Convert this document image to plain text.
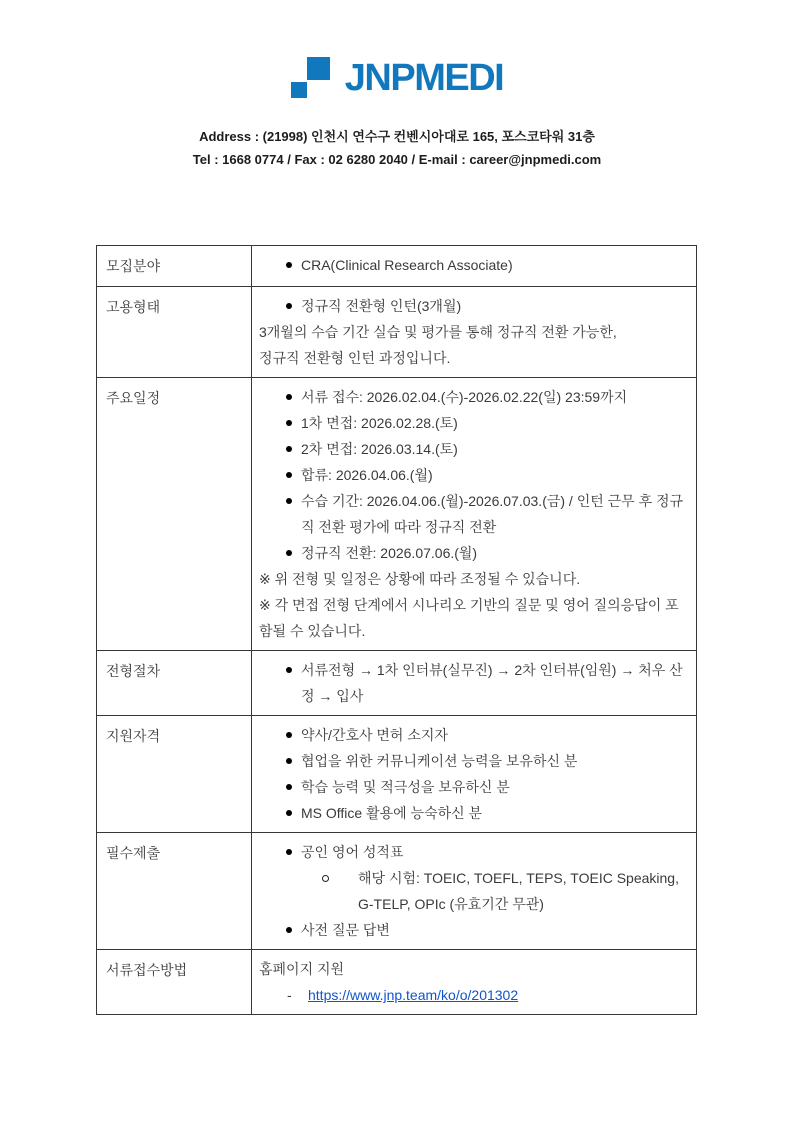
JNPMEDI
Address : (21998) 인천시 연수구 컨벤시아대로 165, 포스코타워 31층
Tel : 1668 0774 / Fax : 02 6280 2040 / E-mail : career@jnpmedi.com
모집분야	CRA(Clinical Research Associate)

고용형태	정규직 전환형 인턴(3개월)
3개월의 수습 기간 실습 및 평가를 통해 정규직 전환 가능한,
정규직 전환형 인턴 과정입니다.

주요일정	서류 접수: 2026.02.04.(수)-2026.02.22(일) 23:59까지
1차 면접: 2026.02.28.(토)
2차 면접: 2026.03.14.(토)
합류: 2026.04.06.(월)
수습 기간: 2026.04.06.(월)-2026.07.03.(금) / 인턴 근무 후 정규직 전환 평가에 따라 정규직 전환
정규직 전환: 2026.07.06.(월)
※ 위 전형 및 일정은 상황에 따라 조정될 수 있습니다.
※ 각 면접 전형 단계에서 시나리오 기반의 질문 및 영어 질의응답이 포함될 수 있습니다.

전형절차	서류전형 → 1차 인터뷰(실무진) → 2차 인터뷰(임원) → 처우 산정 → 입사

지원자격	약사/간호사 면허 소지자
협업을 위한 커뮤니케이션 능력을 보유하신 분
학습 능력 및 적극성을 보유하신 분
MS Office 활용에 능숙하신 분

필수제출	공인 영어 성적표
해당 시험: TOEIC, TOEFL, TEPS, TOEIC Speaking, G-TELP, OPIc (유효기간 무관)
사전 질문 답변

서류접수방법	홈페이지 지원
- https://www.jnp.team/ko/o/201302
